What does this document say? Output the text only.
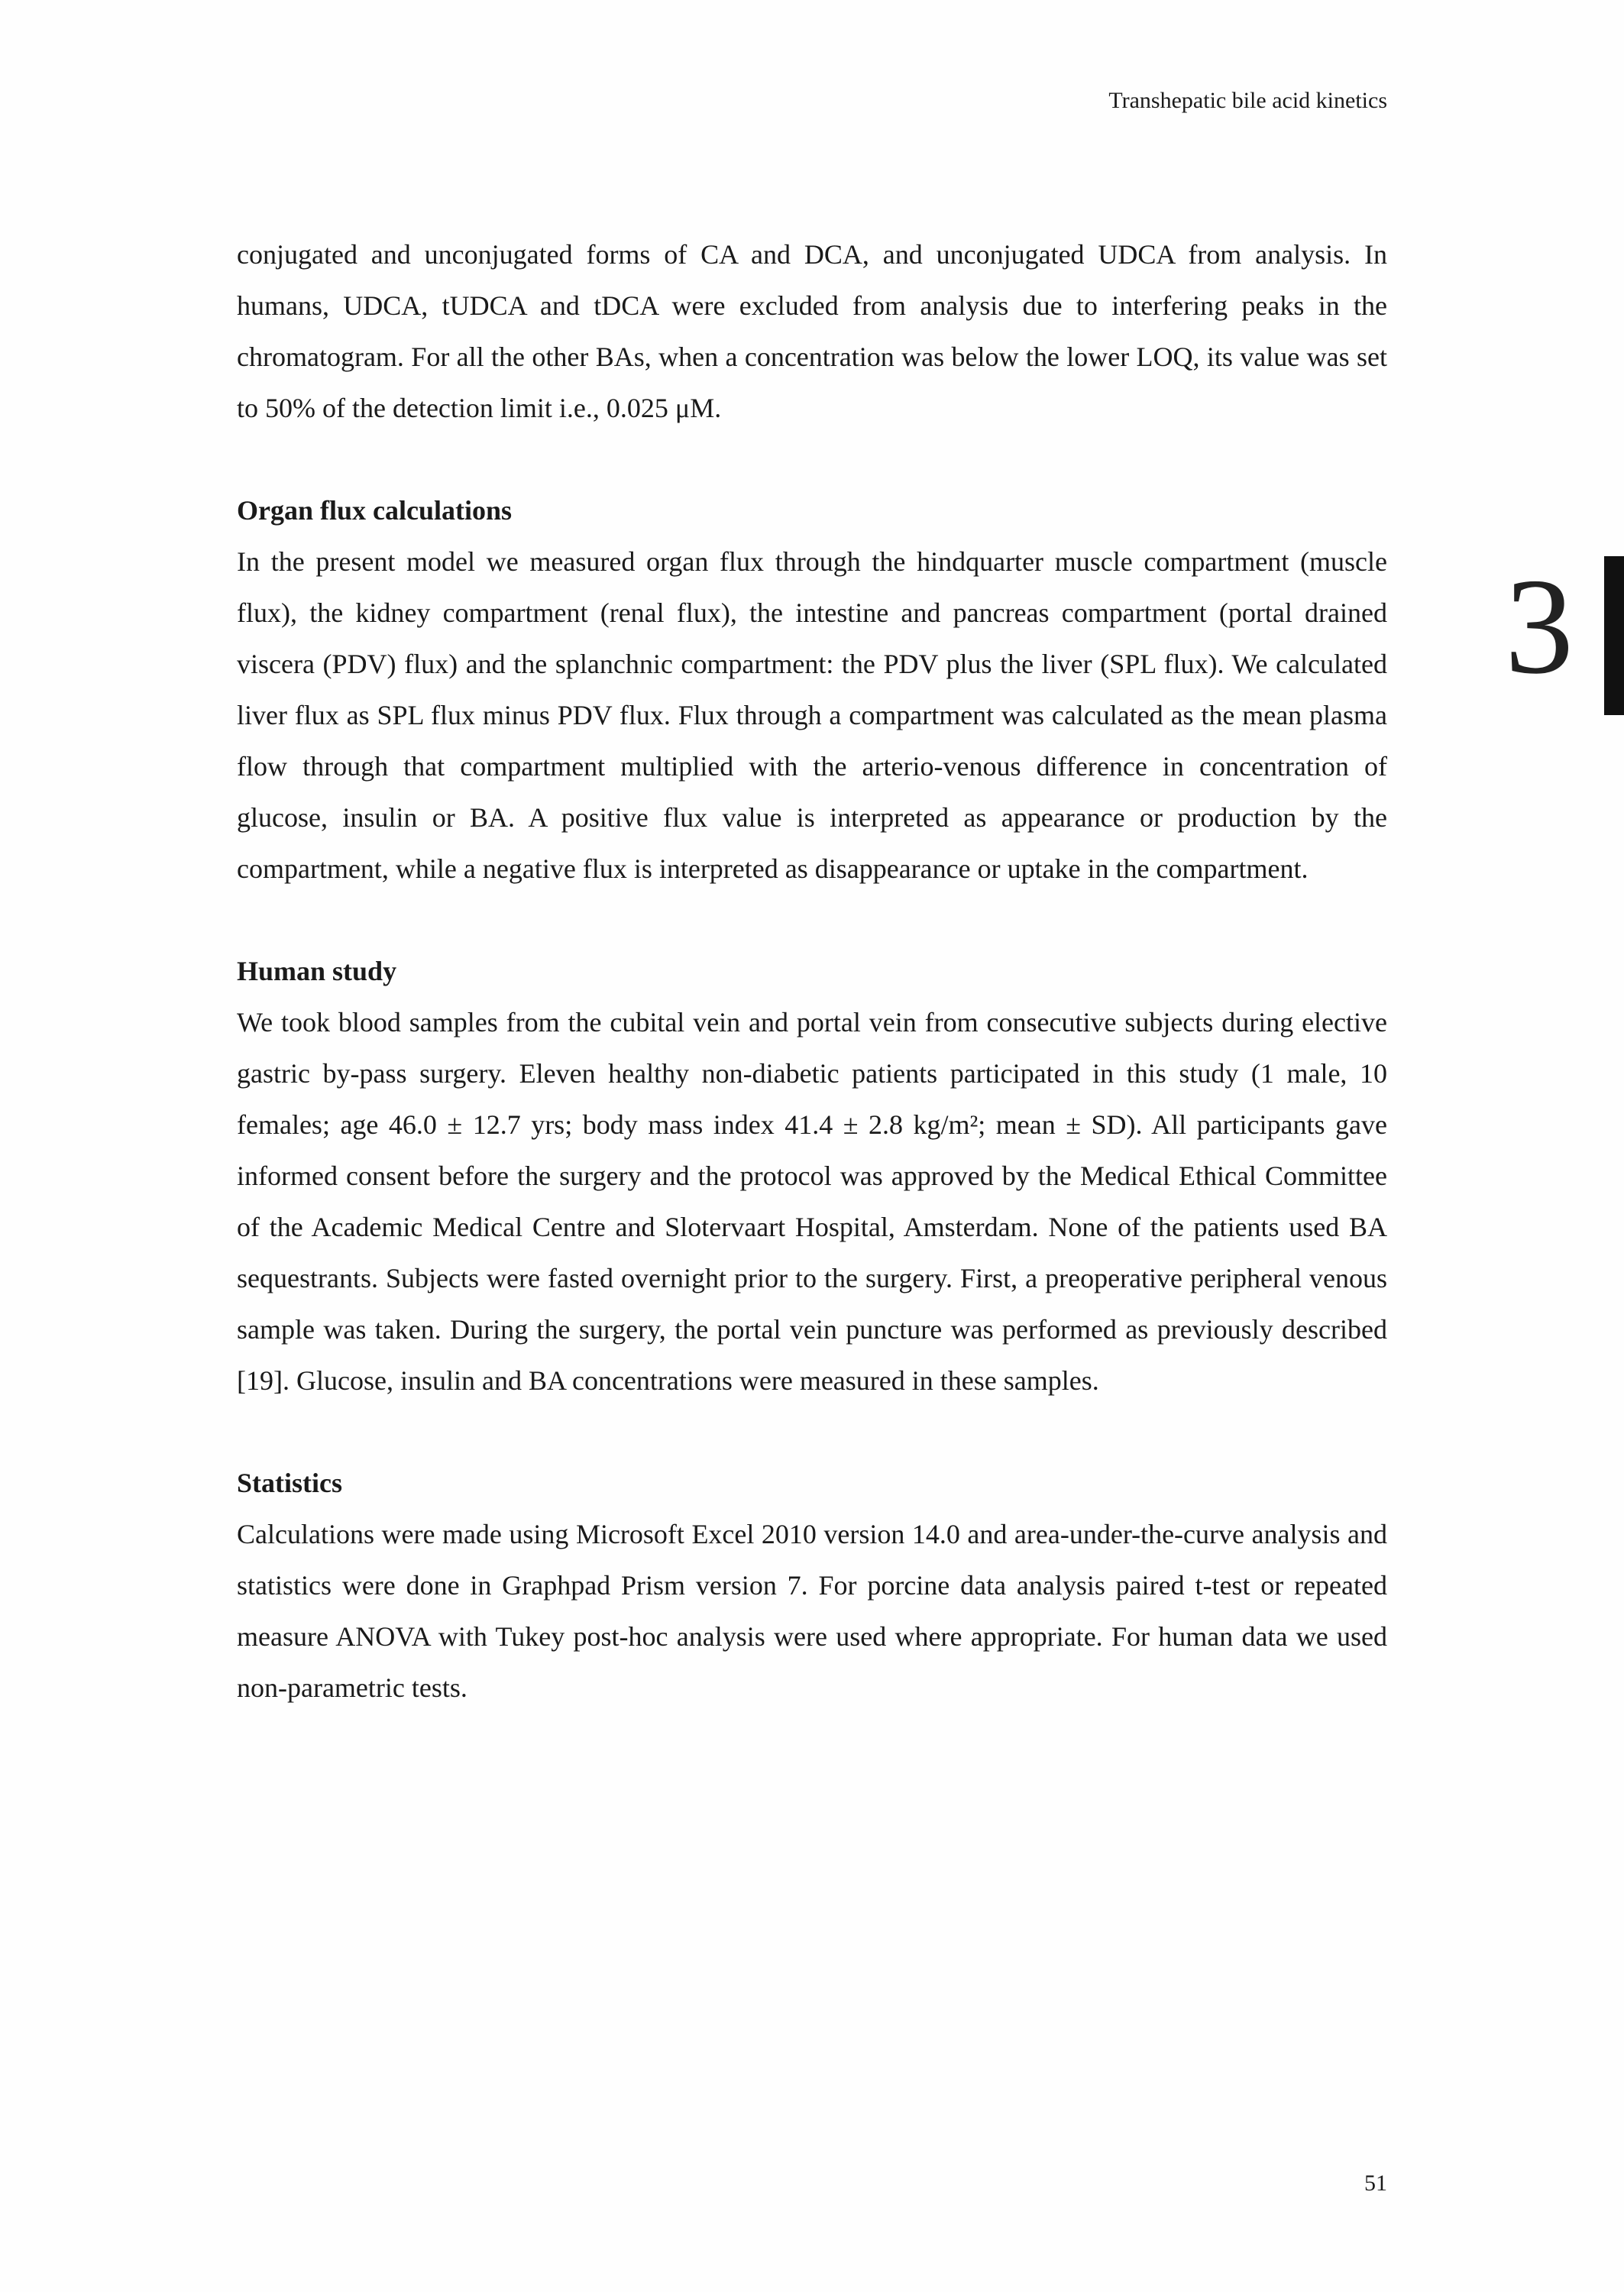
Transhepatic bile acid kinetics

conjugated and unconjugated forms of CA and DCA, and unconjugated UDCA from analysis. In humans, UDCA, tUDCA and tDCA were excluded from analysis due to interfering peaks in the chromatogram. For all the other BAs, when a concentration was below the lower LOQ, its value was set to 50% of the detection limit i.e., 0.025 μM.

Organ flux calculations

In the present model we measured organ flux through the hindquarter muscle compartment (muscle flux), the kidney compartment (renal flux), the intestine and pancreas compartment (portal drained viscera (PDV) flux) and the splanchnic compartment: the PDV plus the liver (SPL flux). We calculated liver flux as SPL flux minus PDV flux. Flux through a compartment was calculated as the mean plasma flow through that compartment multiplied with the arterio-venous difference in concentration of glucose, insulin or BA. A positive flux value is interpreted as appearance or production by the compartment, while a negative flux is interpreted as disappearance or uptake in the compartment.

Human study

We took blood samples from the cubital vein and portal vein from consecutive subjects during elective gastric by-pass surgery. Eleven healthy non-diabetic patients participated in this study (1 male, 10 females; age 46.0 ± 12.7 yrs; body mass index 41.4 ± 2.8 kg/m²; mean ± SD). All participants gave informed consent before the surgery and the protocol was approved by the Medical Ethical Committee of the Academic Medical Centre and Slotervaart Hospital, Amsterdam. None of the patients used BA sequestrants. Subjects were fasted overnight prior to the surgery. First, a preoperative peripheral venous sample was taken. During the surgery, the portal vein puncture was performed as previously described [19]. Glucose, insulin and BA concentrations were measured in these samples.

Statistics

Calculations were made using Microsoft Excel 2010 version 14.0 and area-under-the-curve analysis and statistics were done in Graphpad Prism version 7. For porcine data analysis paired t-test or repeated measure ANOVA with Tukey post-hoc analysis were used where appropriate. For human data we used non-parametric tests.

3
51
